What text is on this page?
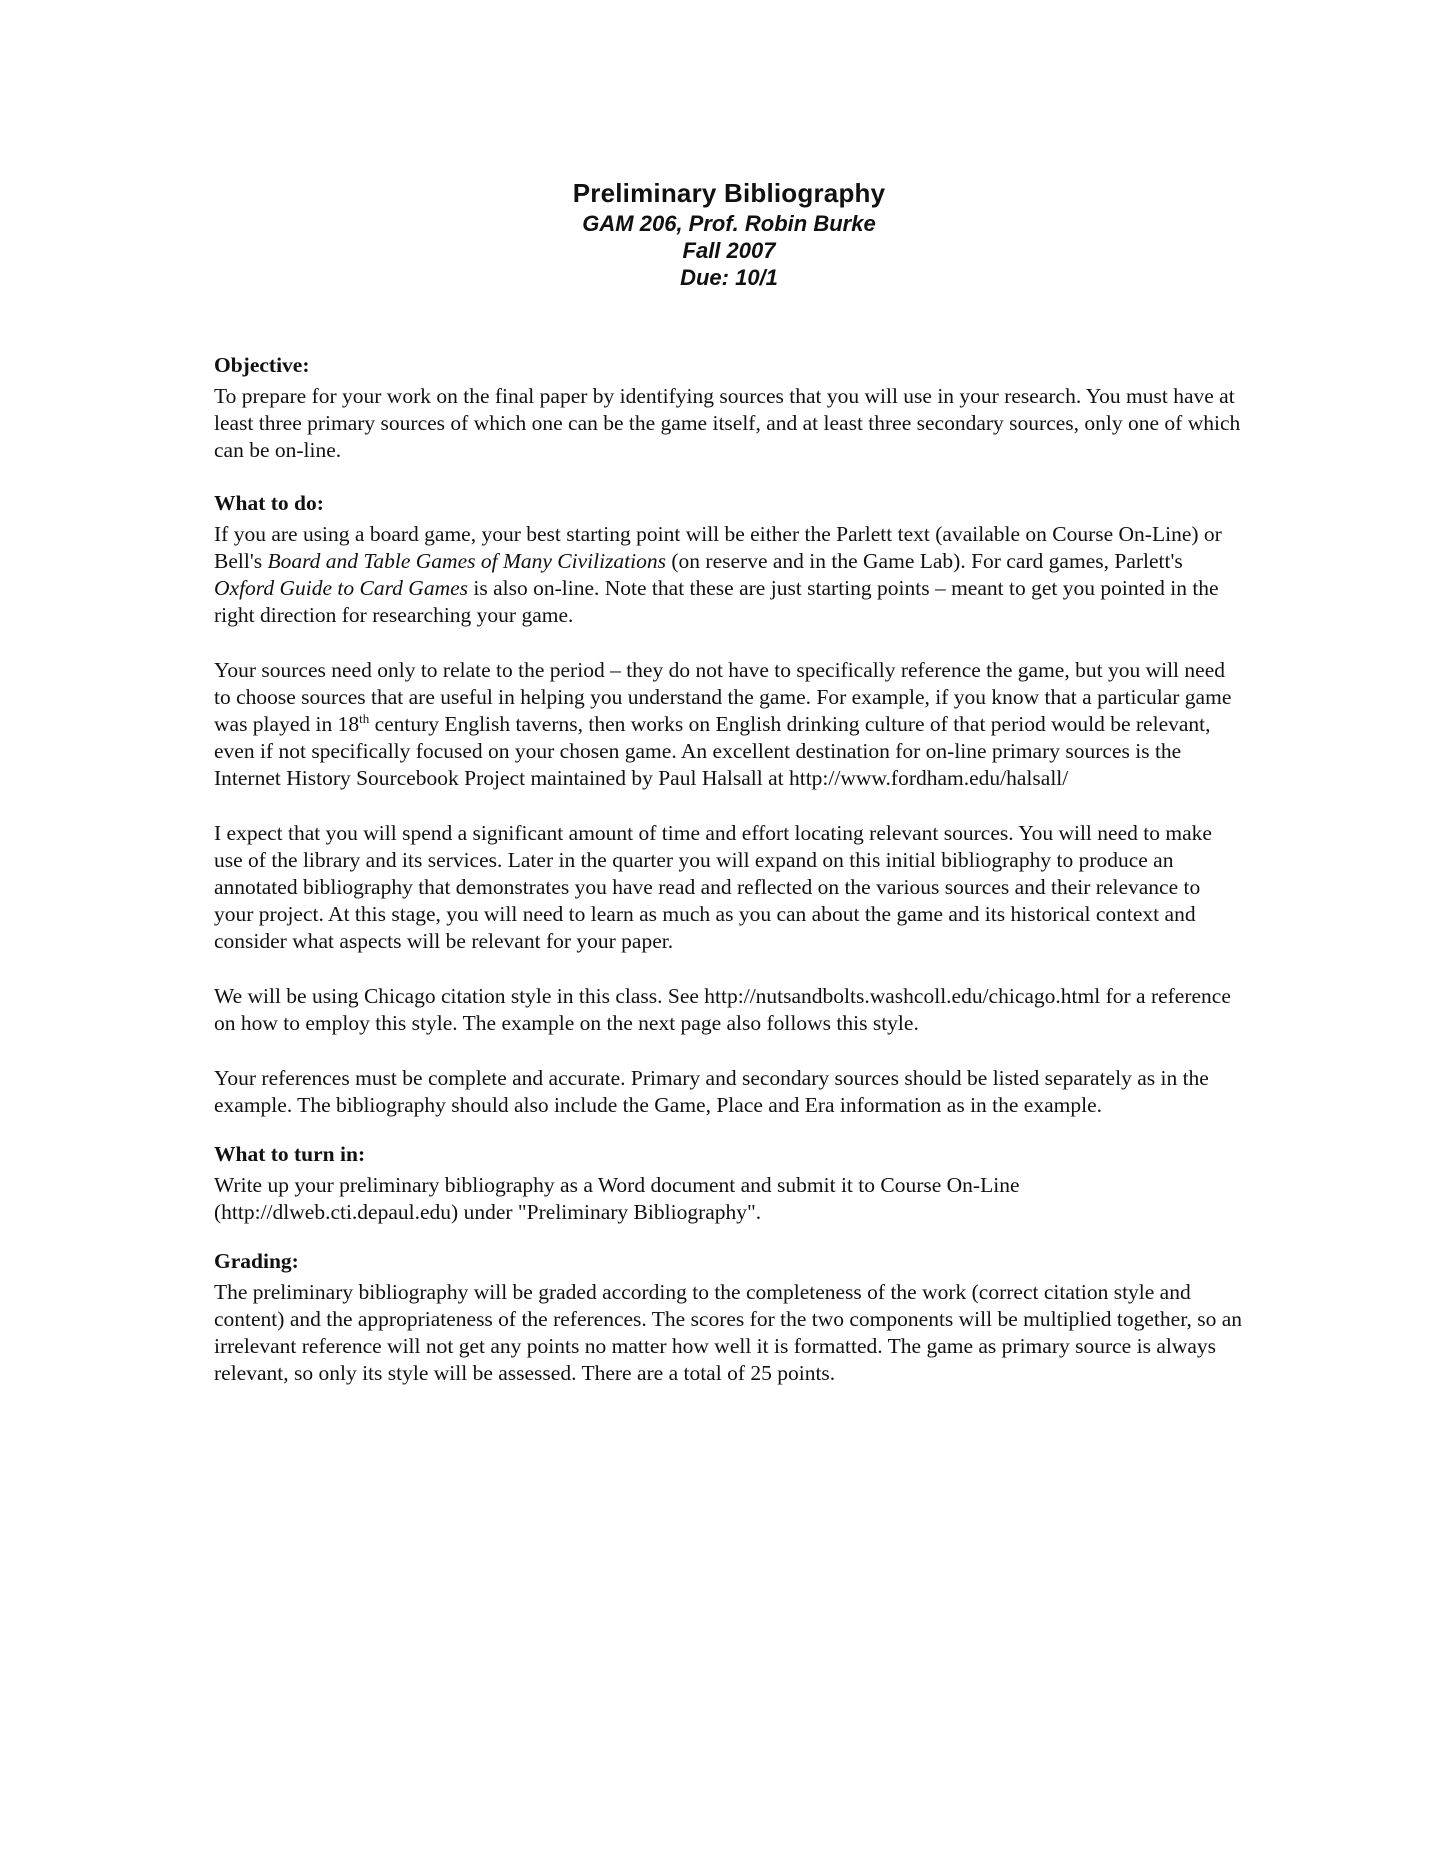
Preliminary Bibliography

GAM 206, Prof. Robin Burke

Fall 2007

Due: 10/1

Objective:

To prepare for your work on the final paper by identifying sources that you will use in your research. You must have at least three primary sources of which one can be the game itself, and at least three secondary sources, only one of which can be on-line.

What to do:

If you are using a board game, your best starting point will be either the Parlett text (available on Course On-Line) or Bell's Board and Table Games of Many Civilizations (on reserve and in the Game Lab). For card games, Parlett's Oxford Guide to Card Games is also on-line. Note that these are just starting points – meant to get you pointed in the right direction for researching your game.

Your sources need only to relate to the period – they do not have to specifically reference the game, but you will need to choose sources that are useful in helping you understand the game. For example, if you know that a particular game was played in 18th century English taverns, then works on English drinking culture of that period would be relevant, even if not specifically focused on your chosen game. An excellent destination for on-line primary sources is the Internet History Sourcebook Project maintained by Paul Halsall at http://www.fordham.edu/halsall/

I expect that you will spend a significant amount of time and effort locating relevant sources. You will need to make use of the library and its services. Later in the quarter you will expand on this initial bibliography to produce an annotated bibliography that demonstrates you have read and reflected on the various sources and their relevance to your project. At this stage, you will need to learn as much as you can about the game and its historical context and consider what aspects will be relevant for your paper.

We will be using Chicago citation style in this class. See http://nutsandbolts.washcoll.edu/chicago.html for a reference on how to employ this style. The example on the next page also follows this style.

Your references must be complete and accurate. Primary and secondary sources should be listed separately as in the example. The bibliography should also include the Game, Place and Era information as in the example.

What to turn in:

Write up your preliminary bibliography as a Word document and submit it to Course On-Line (http://dlweb.cti.depaul.edu) under "Preliminary Bibliography".

Grading:

The preliminary bibliography will be graded according to the completeness of the work (correct citation style and content) and the appropriateness of the references. The scores for the two components will be multiplied together, so an irrelevant reference will not get any points no matter how well it is formatted. The game as primary source is always relevant, so only its style will be assessed. There are a total of 25 points.
